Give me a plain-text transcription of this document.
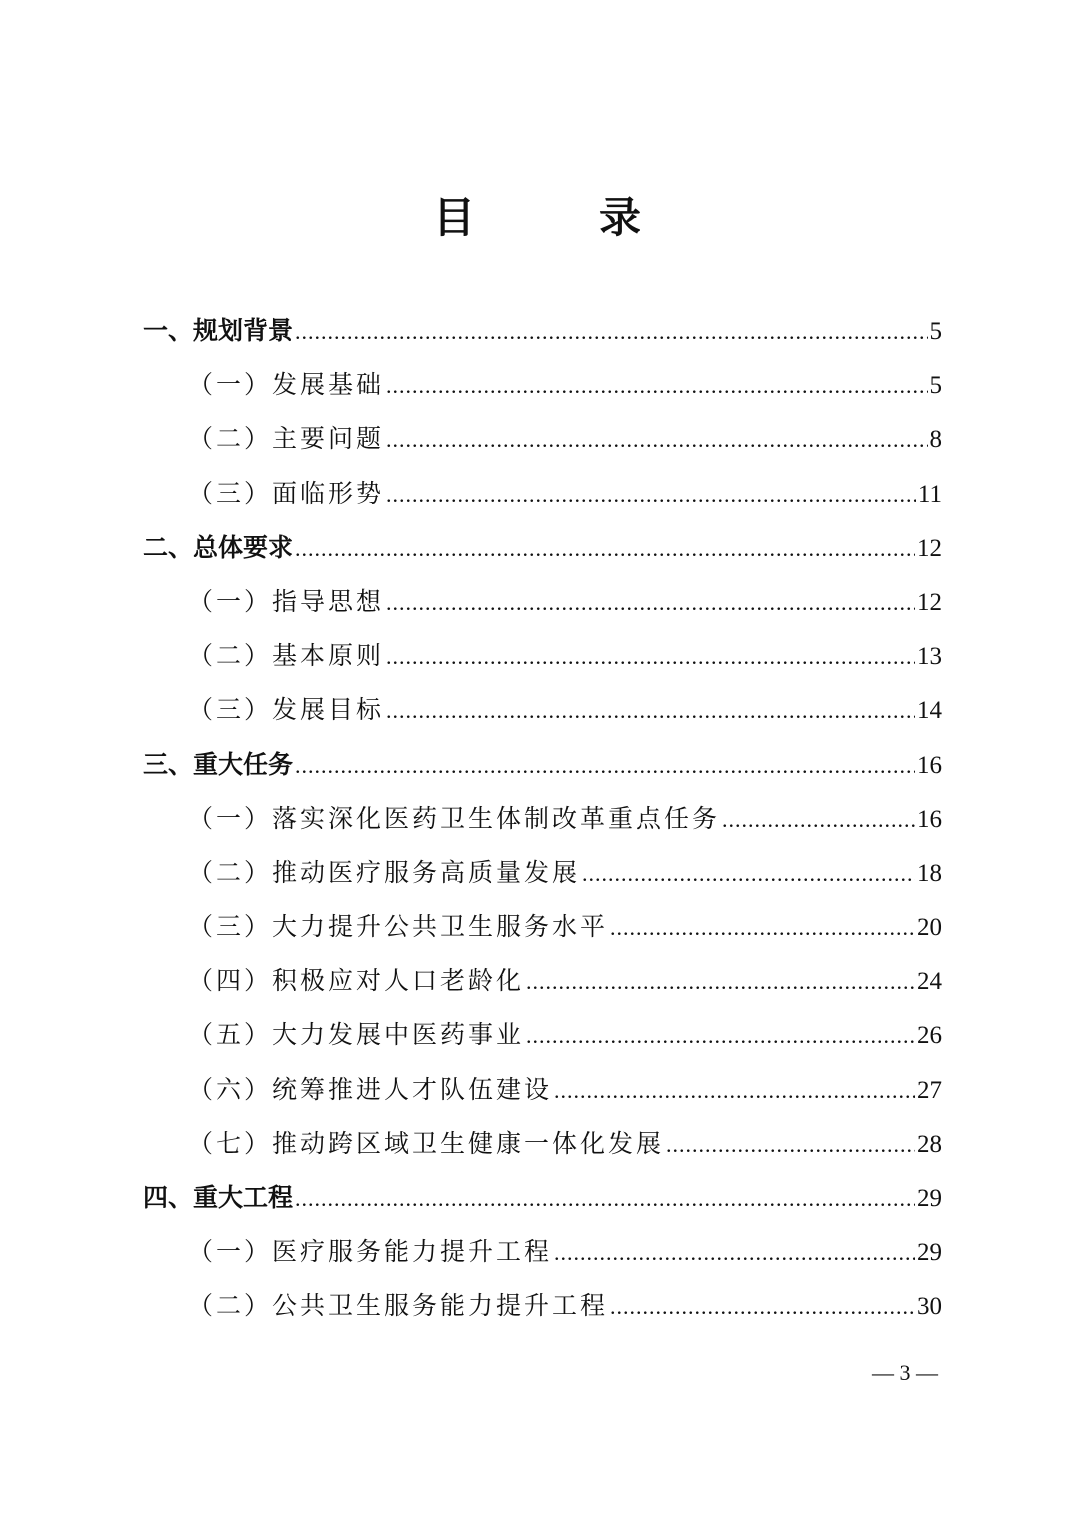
目	录
一、规划背景 .....	5
（一）发展基础 .....	5
（二）主要问题 .....	8
（三）面临形势 .....	11
二、总体要求 .....	12
（一）指导思想 .....	12
（二）基本原则 .....	13
（三）发展目标 .....	14
三、重大任务 .....	16
（一）落实深化医药卫生体制改革重点任务 .....	16
（二）推动医疗服务高质量发展 .....	18
（三）大力提升公共卫生服务水平 .....	20
（四）积极应对人口老龄化 .....	24
（五）大力发展中医药事业 .....	26
（六）统筹推进人才队伍建设 .....	27
（七）推动跨区域卫生健康一体化发展 .....	28
四、重大工程 .....	29
（一）医疗服务能力提升工程 .....	29
（二）公共卫生服务能力提升工程 .....	30
— 3 —
